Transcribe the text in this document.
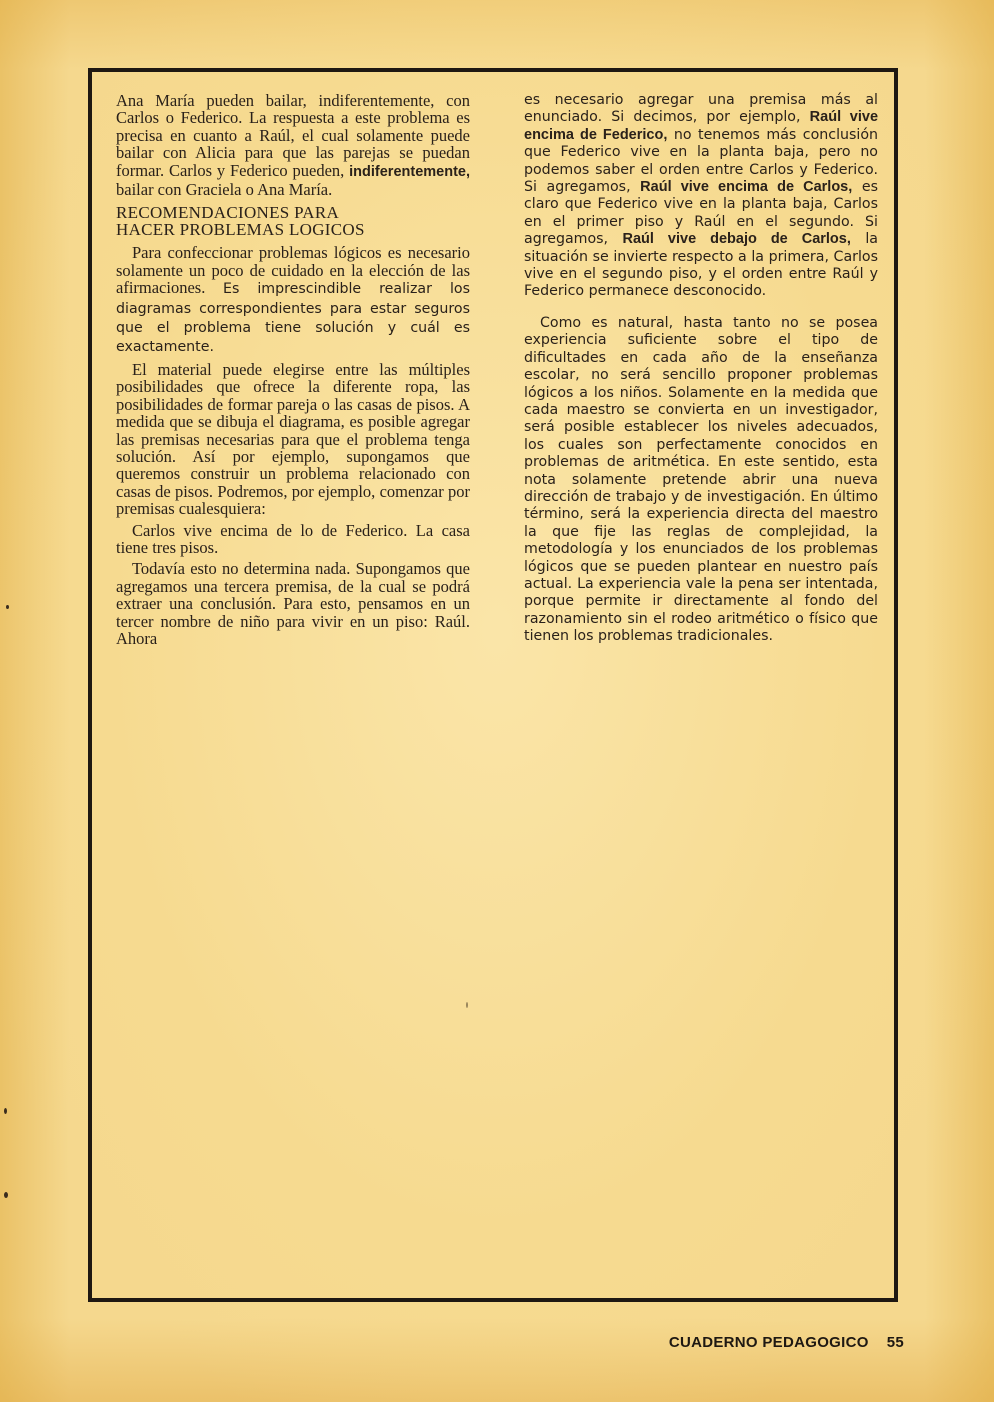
Ana María pueden bailar, indiferentemente, con Carlos o Federico. La respuesta a este problema es precisa en cuanto a Raúl, el cual solamente puede bailar con Alicia para que las parejas se puedan formar. Carlos y Federico pueden, indiferentemente, bailar con Graciela o Ana María.

RECOMENDACIONES PARA
HACER PROBLEMAS LOGICOS

Para confeccionar problemas lógicos es necesario solamente un poco de cuidado en la elección de las afirmaciones. Es imprescindible realizar los diagramas correspondientes para estar seguros que el problema tiene solución y cuál es exactamente.

El material puede elegirse entre las múltiples posibilidades que ofrece la diferente ropa, las posibilidades de formar pareja o las casas de pisos. A medida que se dibuja el diagrama, es posible agregar las premisas necesarias para que el problema tenga solución. Así por ejemplo, supongamos que queremos construir un problema relacionado con casas de pisos. Podremos, por ejemplo, comenzar por premisas cualesquiera:

Carlos vive encima de lo de Federico. La casa tiene tres pisos.

Todavía esto no determina nada. Supongamos que agregamos una tercera premisa, de la cual se podrá extraer una conclusión. Para esto, pensamos en un tercer nombre de niño para vivir en un piso: Raúl. Ahora

es necesario agregar una premisa más al enunciado. Si decimos, por ejemplo, Raúl vive encima de Federico, no tenemos más conclusión que Federico vive en la planta baja, pero no podemos saber el orden entre Carlos y Federico. Si agregamos, Raúl vive encima de Carlos, es claro que Federico vive en la planta baja, Carlos en el primer piso y Raúl en el segundo. Si agregamos, Raúl vive debajo de Carlos, la situación se invierte respecto a la primera, Carlos vive en el segundo piso, y el orden entre Raúl y Federico permanece desconocido.

Como es natural, hasta tanto no se posea experiencia suficiente sobre el tipo de dificultades en cada año de la enseñanza escolar, no será sencillo proponer problemas lógicos a los niños. Solamente en la medida que cada maestro se convierta en un investigador, será posible establecer los niveles adecuados, los cuales son perfectamente conocidos en problemas de aritmética. En este sentido, esta nota solamente pretende abrir una nueva dirección de trabajo y de investigación. En último término, será la experiencia directa del maestro la que fije las reglas de complejidad, la metodología y los enunciados de los problemas lógicos que se pueden plantear en nuestro país actual. La experiencia vale la pena ser intentada, porque permite ir directamente al fondo del razonamiento sin el rodeo aritmético o físico que tienen los problemas tradicionales.

CUADERNO PEDAGOGICO 55
